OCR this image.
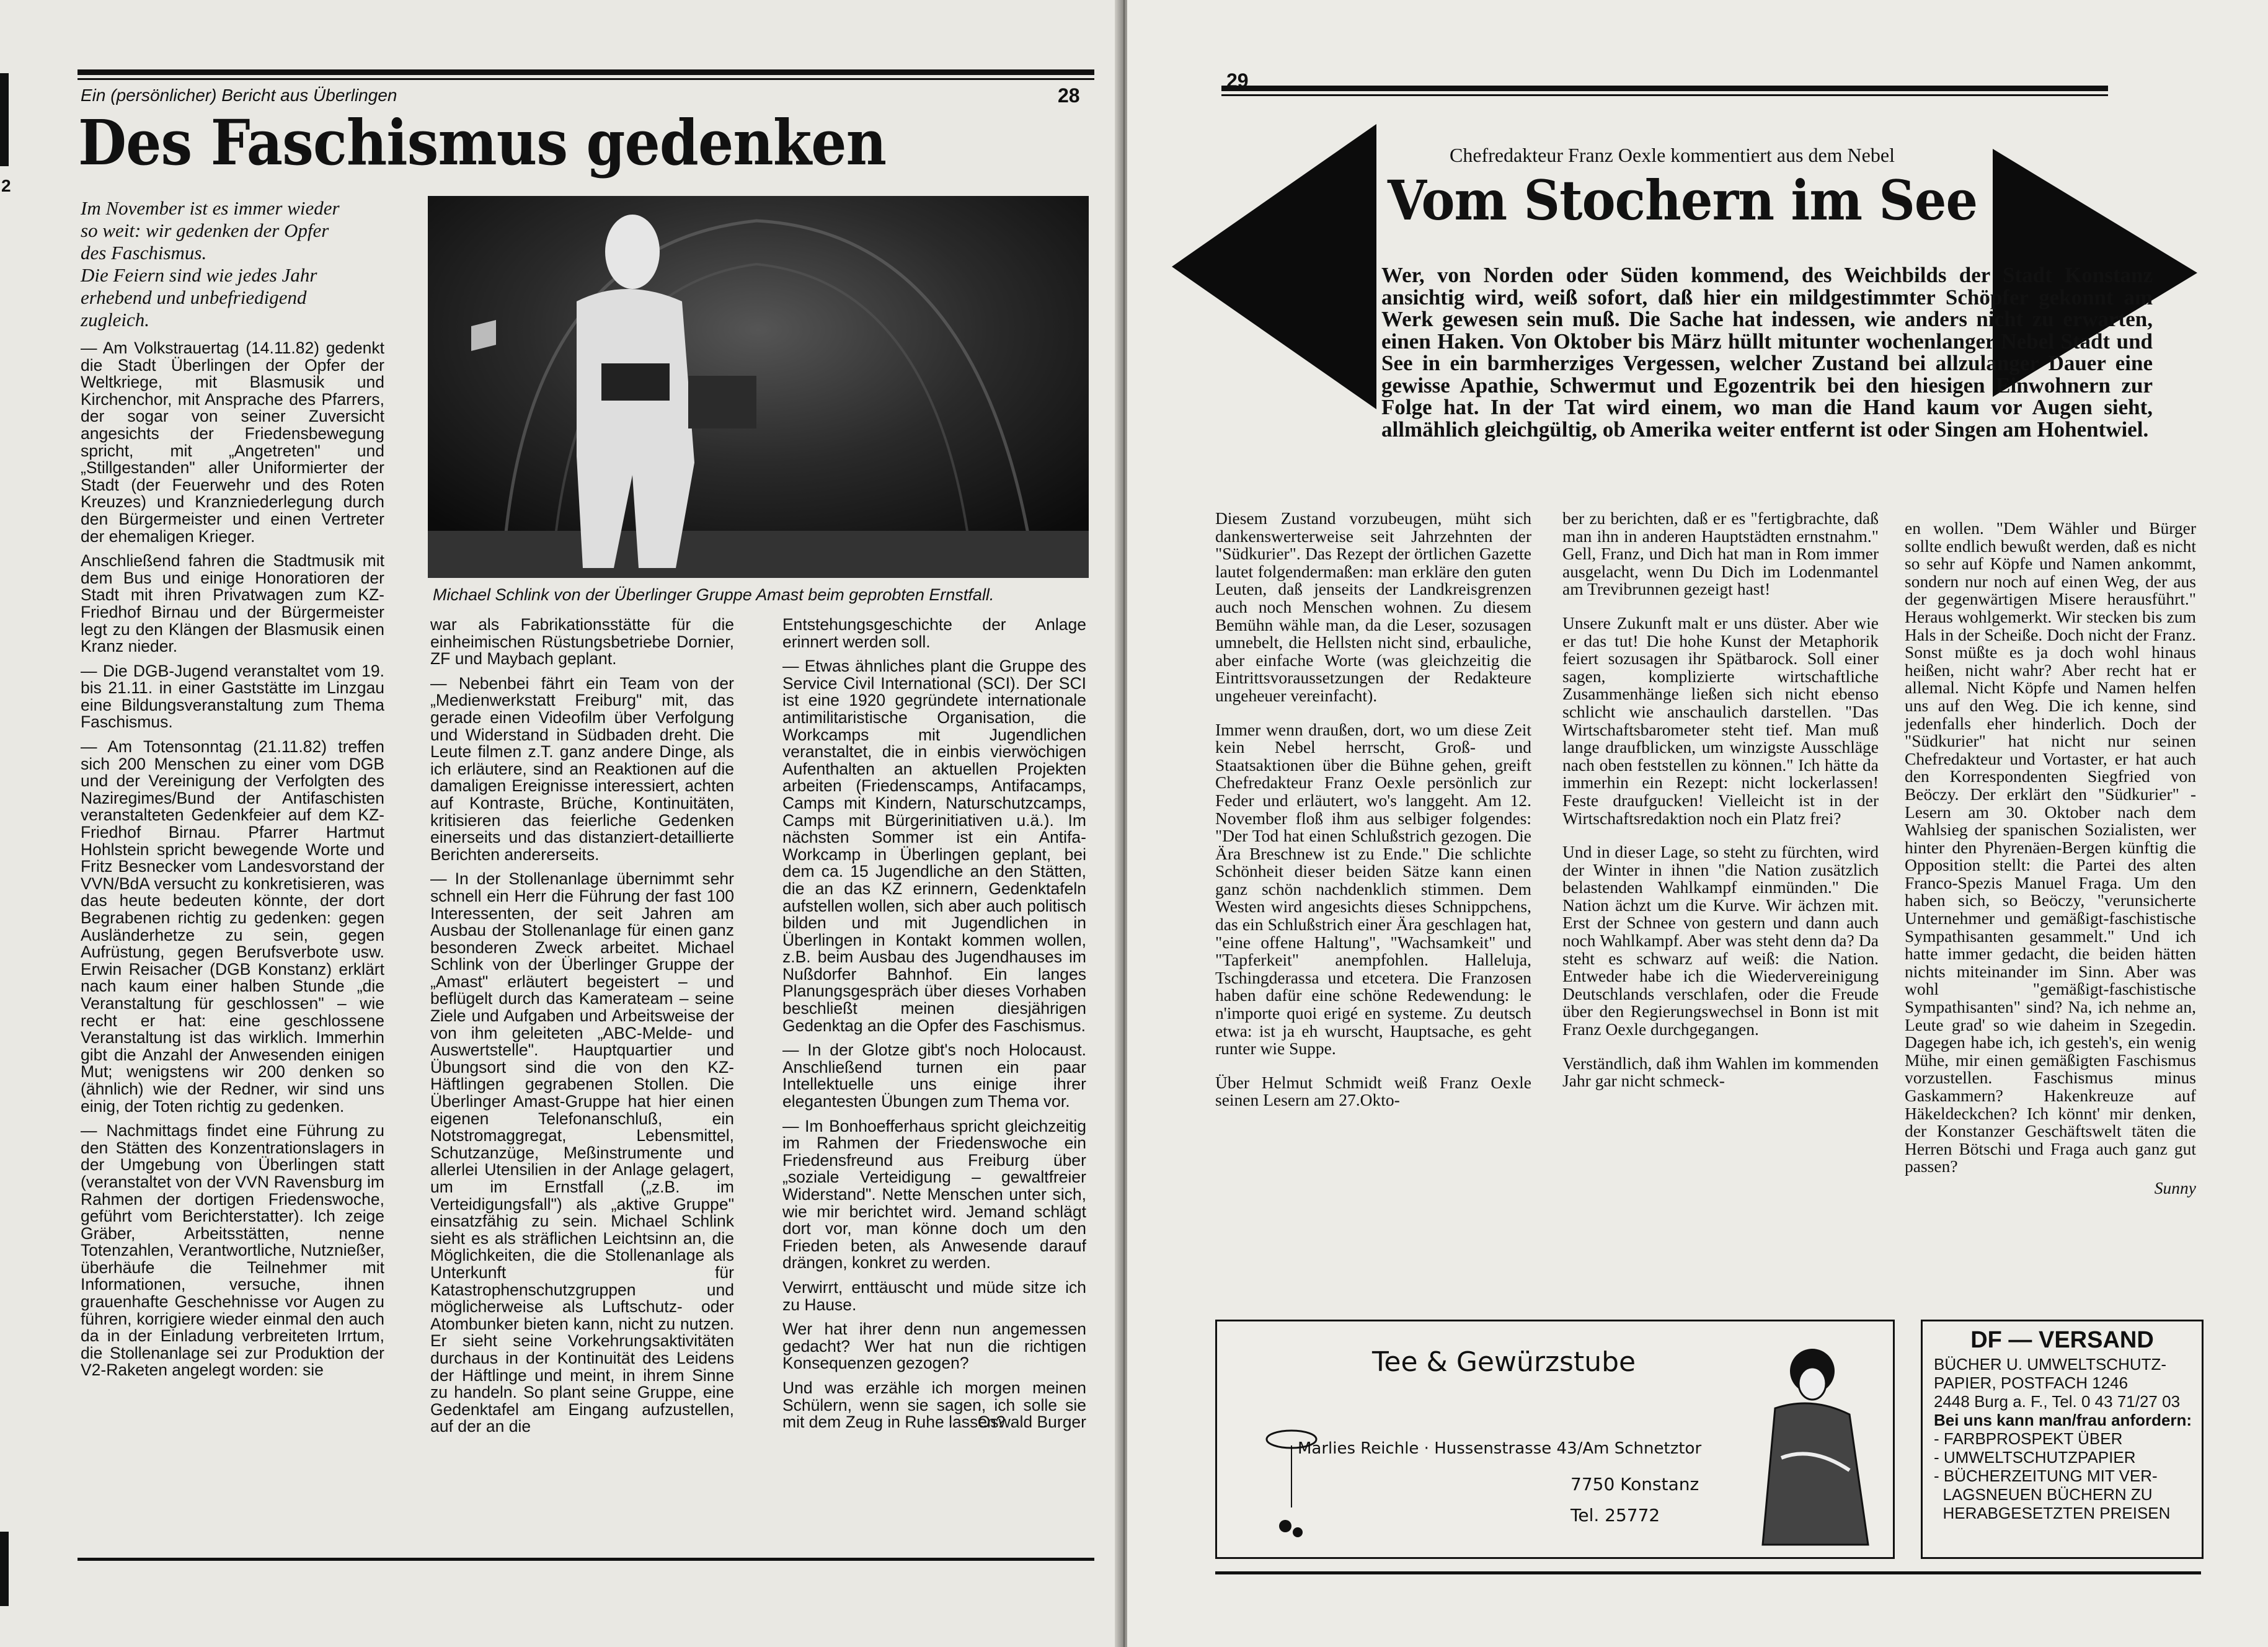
Ein (persönlicher) Bericht aus Überlingen	28
2
Des Faschismus gedenken
Im November ist es immer wieder
so weit: wir gedenken der Opfer
des Faschismus.
Die Feiern sind wie jedes Jahr
erhebend und unbefriedigend
zugleich.
Michael Schlink von der Überlinger Gruppe Amast beim geprobten Ernstfall.

— Am Volkstrauertag (14.11.82) gedenkt die Stadt Überlingen der Opfer der Weltkriege, mit Blasmusik und Kirchenchor, mit Ansprache des Pfarrers, der sogar von seiner Zuversicht angesichts der Friedensbewegung spricht, mit „Angetreten" und „Stillgestanden" aller Uniformierter der Stadt (der Feuerwehr und des Roten Kreuzes) und Kranzniederlegung durch den Bürgermeister und einen Vertreter der ehemaligen Krieger.

Anschließend fahren die Stadtmusik mit dem Bus und einige Honoratioren der Stadt mit ihren Privatwagen zum KZ-Friedhof Birnau und der Bürgermeister legt zu den Klängen der Blasmusik einen Kranz nieder.

— Die DGB-Jugend veranstaltet vom 19. bis 21.11. in einer Gaststätte im Linzgau eine Bildungsveranstaltung zum Thema Faschismus.

— Am Totensonntag (21.11.82) treffen sich 200 Menschen zu einer vom DGB und der Vereinigung der Verfolgten des Naziregimes/Bund der Antifaschisten veranstalteten Gedenkfeier auf dem KZ-Friedhof Birnau. Pfarrer Hartmut Hohlstein spricht bewegende Worte und Fritz Besnecker vom Landesvorstand der VVN/BdA versucht zu konkretisieren, was das heute bedeuten könnte, der dort Begrabenen richtig zu gedenken: gegen Ausländerhetze zu sein, gegen Aufrüstung, gegen Berufsverbote usw. Erwin Reisacher (DGB Konstanz) erklärt nach kaum einer halben Stunde „die Veranstaltung für geschlossen" – wie recht er hat: eine geschlossene Veranstaltung ist das wirklich. Immerhin gibt die Anzahl der Anwesenden einigen Mut; wenigstens wir 200 denken so (ähnlich) wie der Redner, wir sind uns einig, der Toten richtig zu gedenken.

— Nachmittags findet eine Führung zu den Stätten des Konzentrationslagers in der Umgebung von Überlingen statt (veranstaltet von der VVN Ravensburg im Rahmen der dortigen Friedenswoche, geführt vom Berichterstatter). Ich zeige Gräber, Arbeitsstätten, nenne Totenzahlen, Verantwortliche, Nutznießer, überhäufe die Teilnehmer mit Informationen, versuche, ihnen grauenhafte Geschehnisse vor Augen zu führen, korrigiere wieder einmal den auch da in der Einladung verbreiteten Irrtum, die Stollenanlage sei zur Produktion der V2-Raketen angelegt worden: sie

war als Fabrikationsstätte für die einheimischen Rüstungsbetriebe Dornier, ZF und Maybach geplant.

— Nebenbei fährt ein Team von der „Medienwerkstatt Freiburg" mit, das gerade einen Videofilm über Verfolgung und Widerstand in Südbaden dreht. Die Leute filmen z.T. ganz andere Dinge, als ich erläutere, sind an Reaktionen auf die damaligen Ereignisse interessiert, achten auf Kontraste, Brüche, Kontinuitäten, kritisieren das feierliche Gedenken einerseits und das distanziert-detaillierte Berichten andererseits.

— In der Stollenanlage übernimmt sehr schnell ein Herr die Führung der fast 100 Interessenten, der seit Jahren am Ausbau der Stollenanlage für einen ganz besonderen Zweck arbeitet. Michael Schlink von der Überlinger Gruppe der „Amast" erläutert begeistert – und beflügelt durch das Kamerateam – seine Ziele und Aufgaben und Arbeitsweise der von ihm geleiteten „ABC-Melde- und Auswertstelle". Hauptquartier und Übungsort sind die von den KZ-Häftlingen gegrabenen Stollen. Die Überlinger Amast-Gruppe hat hier einen eigenen Telefonanschluß, ein Notstromaggregat, Lebensmittel, Schutzanzüge, Meßinstrumente und allerlei Utensilien in der Anlage gelagert, um im Ernstfall („z.B. im Verteidigungsfall") als „aktive Gruppe" einsatzfähig zu sein. Michael Schlink sieht es als sträflichen Leichtsinn an, die Möglichkeiten, die die Stollenanlage als Unterkunft für Katastrophenschutzgruppen und möglicherweise als Luftschutz- oder Atombunker bieten kann, nicht zu nutzen. Er sieht seine Vorkehrungsaktivitäten durchaus in der Kontinuität des Leidens der Häftlinge und meint, in ihrem Sinne zu handeln. So plant seine Gruppe, eine Gedenktafel am Eingang aufzustellen, auf der an die

Entstehungsgeschichte der Anlage erinnert werden soll.

— Etwas ähnliches plant die Gruppe des Service Civil International (SCI). Der SCI ist eine 1920 gegründete internationale antimilitaristische Organisation, die Workcamps mit Jugendlichen veranstaltet, die in einbis vierwöchigen Aufenthalten an aktuellen Projekten arbeiten (Friedenscamps, Antifacamps, Camps mit Kindern, Naturschutzcamps, Camps mit Bürgerinitiativen u.ä.). Im nächsten Sommer ist ein Antifa-Workcamp in Überlingen geplant, bei dem ca. 15 Jugendliche an den Stätten, die an das KZ erinnern, Gedenktafeln aufstellen wollen, sich aber auch politisch bilden und mit Jugendlichen in Überlingen in Kontakt kommen wollen, z.B. beim Ausbau des Jugendhauses im Nußdorfer Bahnhof. Ein langes Planungsgespräch über dieses Vorhaben beschließt meinen diesjährigen Gedenktag an die Opfer des Faschismus.

— In der Glotze gibt's noch Holocaust. Anschließend turnen ein paar Intellektuelle uns einige ihrer elegantesten Übungen zum Thema vor.

— Im Bonhoefferhaus spricht gleichzeitig im Rahmen der Friedenswoche ein Friedensfreund aus Freiburg über „soziale Verteidigung – gewaltfreier Widerstand". Nette Menschen unter sich, wie mir berichtet wird. Jemand schlägt dort vor, man könne doch um den Frieden beten, als Anwesende darauf drängen, konkret zu werden.

Verwirrt, enttäuscht und müde sitze ich zu Hause.

Wer hat ihrer denn nun angemessen gedacht? Wer hat nun die richtigen Konsequenzen gezogen?

Und was erzähle ich morgen meinen Schülern, wenn sie sagen, ich solle sie mit dem Zeug in Ruhe lassen?

Oswald Burger
29
Chefredakteur Franz Oexle kommentiert aus dem Nebel
Vom Stochern im See
Wer, von Norden oder Süden kommend, des Weichbilds der Stadt Konstanz ansichtig wird, weiß sofort, daß hier ein mildgestimmter Schöpfer gekonnt am Werk gewesen sein muß. Die Sache hat indessen, wie anders nicht zu erwarten, einen Haken. Von Oktober bis März hüllt mitunter wochenlanger Nebel Stadt und See in ein barmherziges Vergessen, welcher Zustand bei allzulanger Dauer eine gewisse Apathie, Schwermut und Egozentrik bei den hiesigen Einwohnern zur Folge hat. In der Tat wird einem, wo man die Hand kaum vor Augen sieht, allmählich gleichgültig, ob Amerika weiter entfernt ist oder Singen am Hohentwiel.

Diesem Zustand vorzubeugen, müht sich dankenswerterweise seit Jahrzehnten der "Südkurier". Das Rezept der örtlichen Gazette lautet folgendermaßen: man erkläre den guten Leuten, daß jenseits der Landkreisgrenzen auch noch Menschen wohnen. Zu diesem Bemühn wähle man, da die Leser, sozusagen umnebelt, die Hellsten nicht sind, erbauliche, aber einfache Worte (was gleichzeitig die Eintrittsvoraussetzungen der Redakteure ungeheuer vereinfacht).

Immer wenn draußen, dort, wo um diese Zeit kein Nebel herrscht, Groß- und Staatsaktionen über die Bühne gehen, greift Chefredakteur Franz Oexle persönlich zur Feder und erläutert, wo's langgeht. Am 12. November floß ihm aus selbiger folgendes: "Der Tod hat einen Schlußstrich gezogen. Die Ära Breschnew ist zu Ende." Die schlichte Schönheit dieser beiden Sätze kann einen ganz schön nachdenklich stimmen. Dem Westen wird angesichts dieses Schnippchens, das ein Schlußstrich einer Ära geschlagen hat, "eine offene Haltung", "Wachsamkeit" und "Tapferkeit" anempfohlen. Halleluja, Tschingderassa und etcetera. Die Franzosen haben dafür eine schöne Redewendung: le n'importe quoi erigé en systeme. Zu deutsch etwa: ist ja eh wurscht, Hauptsache, es geht runter wie Suppe.

Über Helmut Schmidt weiß Franz Oexle seinen Lesern am 27.Okto-

ber zu berichten, daß er es "fertigbrachte, daß man ihn in anderen Hauptstädten ernstnahm." Gell, Franz, und Dich hat man in Rom immer ausgelacht, wenn Du Dich im Lodenmantel am Trevibrunnen gezeigt hast!

Unsere Zukunft malt er uns düster. Aber wie er das tut! Die hohe Kunst der Metaphorik feiert sozusagen ihr Spätbarock. Soll einer sagen, komplizierte wirtschaftliche Zusammenhänge ließen sich nicht ebenso schlicht wie anschaulich darstellen. "Das Wirtschaftsbarometer steht tief. Man muß lange draufblicken, um winzigste Ausschläge nach oben feststellen zu können." Ich hätte da immerhin ein Rezept: nicht lockerlassen! Feste draufgucken! Vielleicht ist in der Wirtschaftsredaktion noch ein Platz frei?

Und in dieser Lage, so steht zu fürchten, wird der Winter in ihnen "die Nation zusätzlich belastenden Wahlkampf einmünden." Die Nation ächzt um die Kurve. Wir ächzen mit. Erst der Schnee von gestern und dann auch noch Wahlkampf. Aber was steht denn da? Da steht es schwarz auf weiß: die Nation. Entweder habe ich die Wiedervereinigung Deutschlands verschlafen, oder die Freude über den Regierungswechsel in Bonn ist mit Franz Oexle durchgegangen.

Verständlich, daß ihm Wahlen im kommenden Jahr gar nicht schmeck-

en wollen. "Dem Wähler und Bürger sollte endlich bewußt werden, daß es nicht so sehr auf Köpfe und Namen ankommt, sondern nur noch auf einen Weg, der aus der gegenwärtigen Misere herausführt." Heraus wohlgemerkt. Wir stecken bis zum Hals in der Scheiße. Doch nicht der Franz. Sonst müßte es ja doch wohl hinaus heißen, nicht wahr? Aber recht hat er allemal. Nicht Köpfe und Namen helfen uns auf den Weg. Die ich kenne, sind jedenfalls eher hinderlich. Doch der "Südkurier" hat nicht nur seinen Chefredakteur und Vortaster, er hat auch den Korrespondenten Siegfried von Beöczy. Der erklärt den "Südkurier" - Lesern am 30. Oktober nach dem Wahlsieg der spanischen Sozialisten, wer hinter den Phyrenäen-Bergen künftig die Opposition stellt: die Partei des alten Franco-Spezis Manuel Fraga. Um den haben sich, so Beöczy, "verunsicherte Unternehmer und gemäßigt-faschistische Sympathisanten gesammelt." Und ich hatte immer gedacht, die beiden hätten nichts miteinander im Sinn. Aber was wohl "gemäßigt-faschistische Sympathisanten" sind? Na, ich nehme an, Leute grad' so wie daheim in Szegedin. Dagegen habe ich, ich gesteh's, ein wenig Mühe, mir einen gemäßigten Faschismus vorzustellen. Faschismus minus Gaskammern? Hakenkreuze auf Häkeldeckchen? Ich könnt' mir denken, der Konstanzer Geschäftswelt täten die Herren Bötschi und Fraga auch ganz gut passen?

Sunny
Tee & Gewürzstube
Marlies Reichle · Hussenstrasse 43/Am Schnetztor
7750 Konstanz
Tel. 25772
DF — VERSAND
BÜCHER U. UMWELTSCHUTZ-
PAPIER, POSTFACH 1246
2448 Burg a. F., Tel. 0 43 71/27 03
Bei uns kann man/frau anfordern:
- FARBPROSPEKT ÜBER
- UMWELTSCHUTZPAPIER
- BÜCHERZEITUNG MIT VER-
LAGSNEUEN BÜCHERN ZU
HERABGESETZTEN PREISEN
